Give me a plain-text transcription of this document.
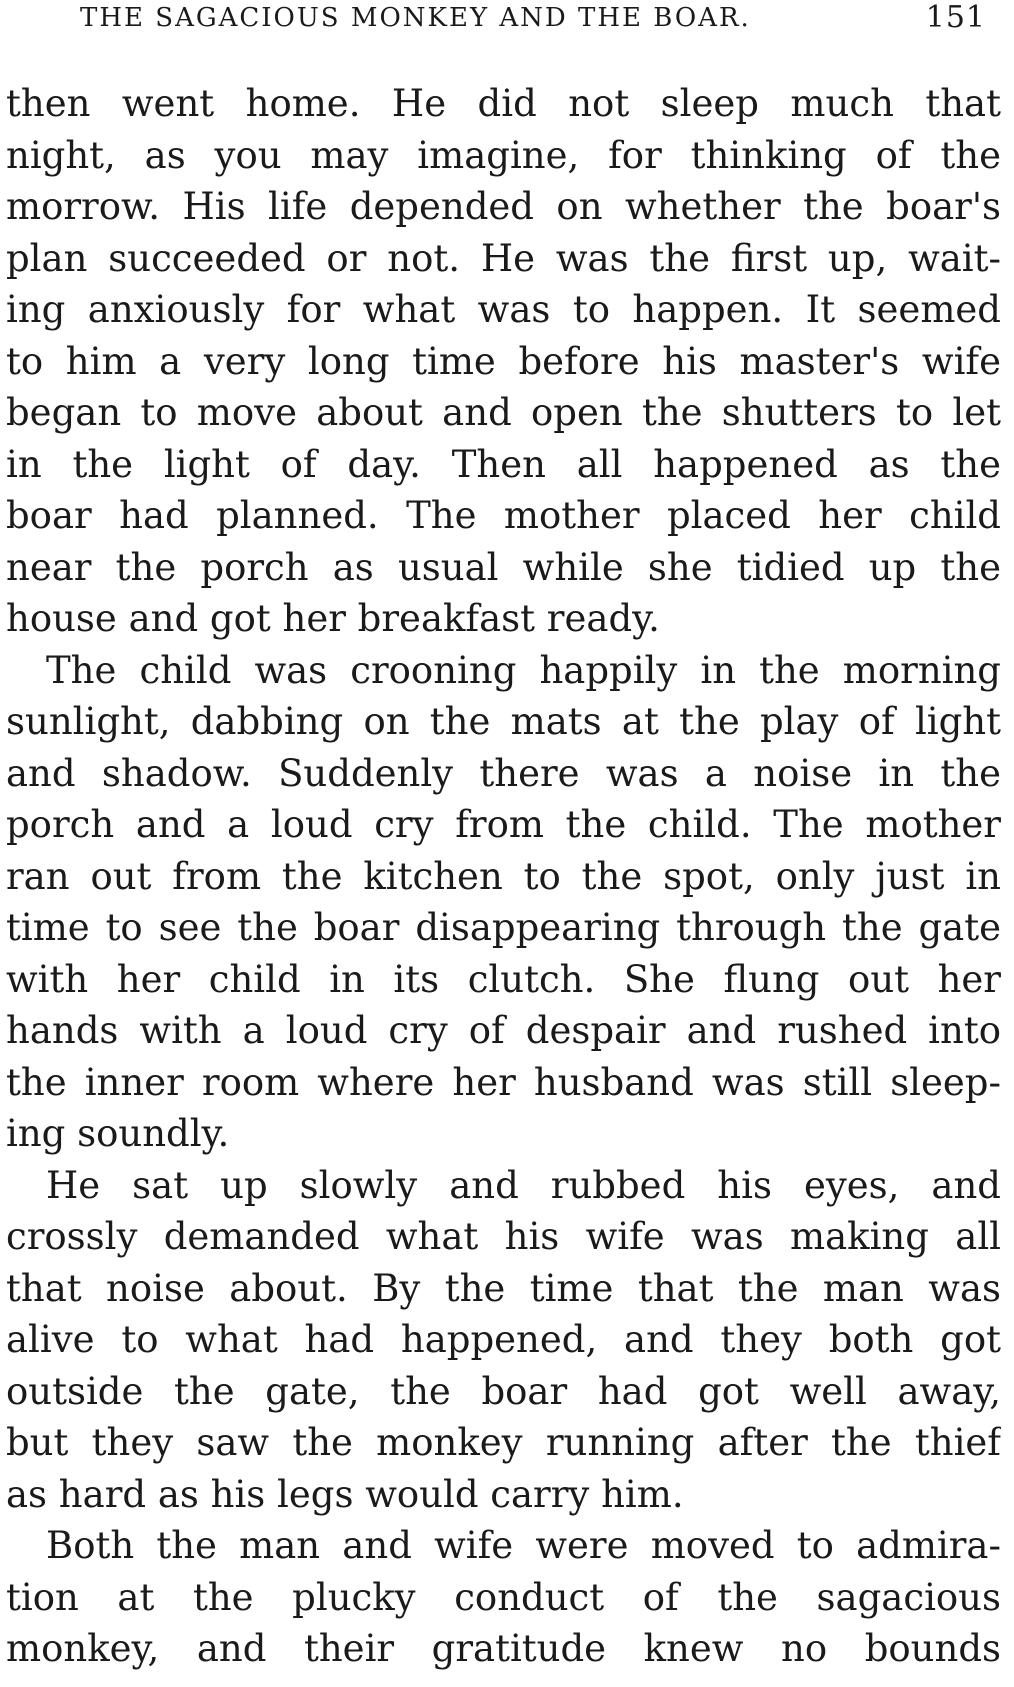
THE SAGACIOUS MONKEY AND THE BOAR.	151
then went home. He did not sleep much that
night, as you may imagine, for thinking of the
morrow. His life depended on whether the boar's
plan succeeded or not. He was the first up, wait-
ing anxiously for what was to happen. It seemed
to him a very long time before his master's wife
began to move about and open the shutters to let
in the light of day. Then all happened as the
boar had planned. The mother placed her child
near the porch as usual while she tidied up the
house and got her breakfast ready.
The child was crooning happily in the morning
sunlight, dabbing on the mats at the play of light
and shadow. Suddenly there was a noise in the
porch and a loud cry from the child. The mother
ran out from the kitchen to the spot, only just in
time to see the boar disappearing through the gate
with her child in its clutch. She flung out her
hands with a loud cry of despair and rushed into
the inner room where her husband was still sleep-
ing soundly.
He sat up slowly and rubbed his eyes, and
crossly demanded what his wife was making all
that noise about. By the time that the man was
alive to what had happened, and they both got
outside the gate, the boar had got well away,
but they saw the monkey running after the thief
as hard as his legs would carry him.
Both the man and wife were moved to admira-
tion at the plucky conduct of the sagacious
monkey, and their gratitude knew no bounds
